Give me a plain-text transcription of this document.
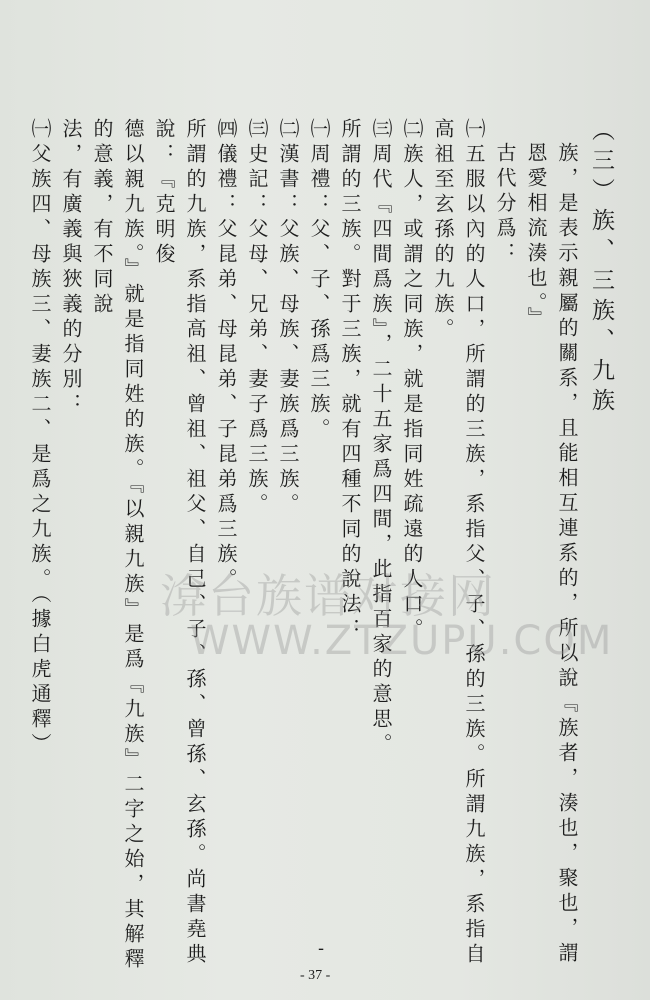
（三）族、三族、九族
族，是表示親屬的關系，且能相互連系的，所以說『族者，湊也，聚也，謂恩愛相流湊也。』
古代分爲：
㈠五服以內的人口，所謂的三族，系指父、子、孫的三族。所謂九族，系指自高祖至玄孫的九族。
㈡族人，或謂之同族，就是指同姓疏遠的人口。
㈢周代『四間爲族』，二十五家爲四間，此指百家的意思。
所謂的三族。對于三族，就有四種不同的說法：
㈠周禮：父、子、孫爲三族。
㈡漢書：父族、母族、妻族爲三族。
㈢史記：父母、兄弟、妻子爲三族。
㈣儀禮：父昆弟、母昆弟、子昆弟爲三族。
所謂的九族，系指高祖、曾祖、祖父、自己、子、孫、曾孫、玄孫。尚書堯典說：『克明俊
德以親九族。』就是指同姓的族。『以親九族』是爲『九族』二字之始，其解釋的意義，有不同說
法，有廣義與狹義的分別：
㈠父族四、母族三、妻族二、是爲之九族。（據白虎通釋） 渰台族谱对接网
WWW.ZTZUPU.COM
-
- 37 -
